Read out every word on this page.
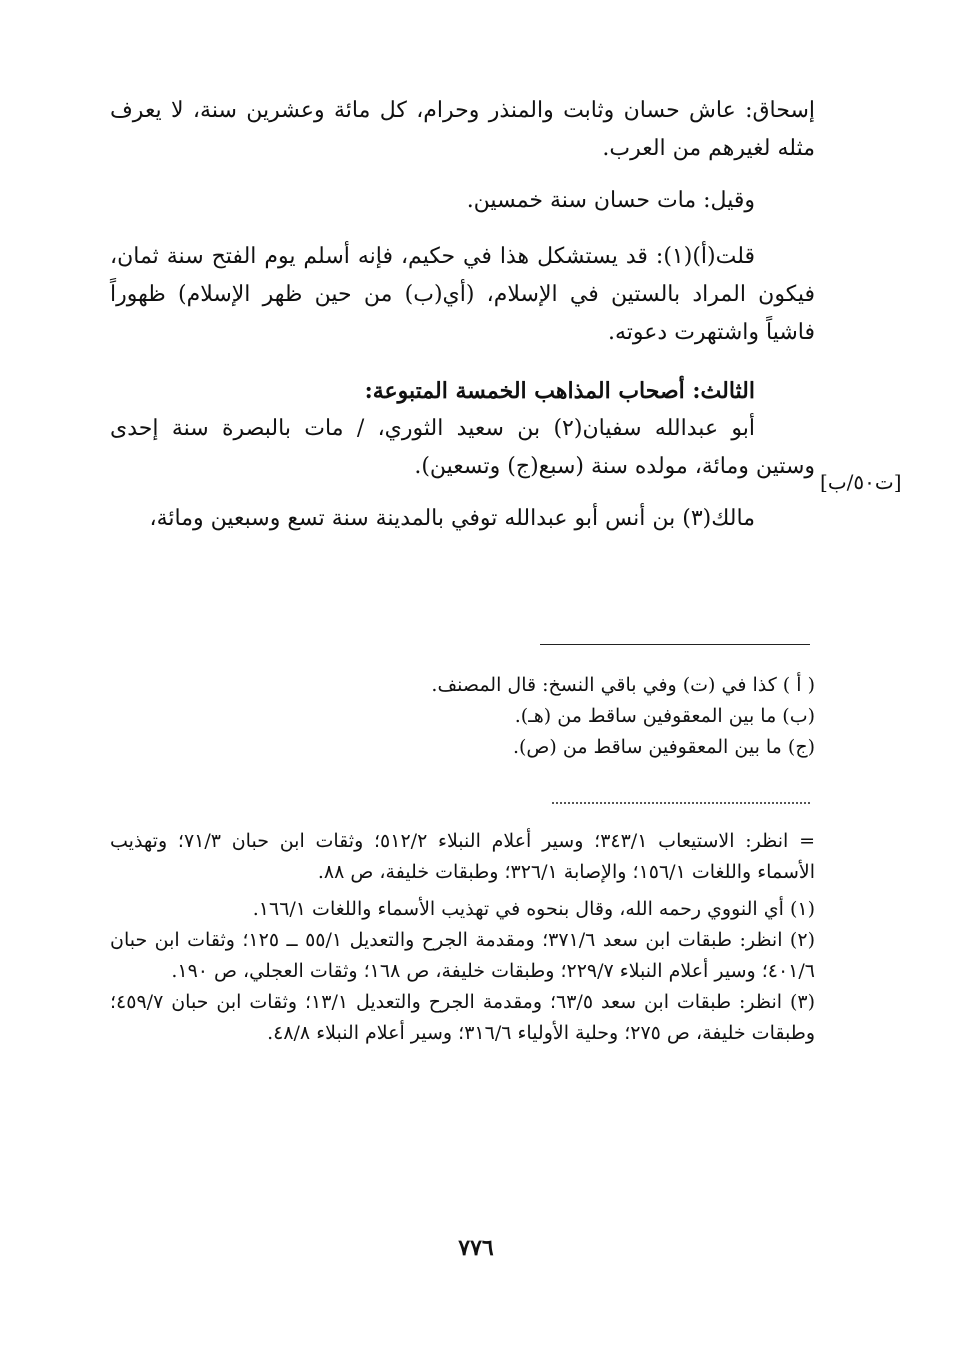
إسحاق: عاش حسان وثابت والمنذر وحرام، كل مائة وعشرين سنة، لا يعرف مثله لغيرهم من العرب.

وقيل: مات حسان سنة خمسين.

قلت(أ)(١): قد يستشكل هذا في حكيم، فإنه أسلم يوم الفتح سنة ثمان، فيكون المراد بالستين في الإسلام، (أي(ب) من حين ظهر الإسلام) ظهوراً فاشياً واشتهرت دعوته.

الثالث: أصحاب المذاهب الخمسة المتبوعة:

أبو عبدالله سفيان(٢) بن سعيد الثوري، / مات بالبصرة سنة إحدى وستين ومائة، مولده سنة (سبع(ج) وتسعين).

مالك(٣) بن أنس أبو عبدالله توفي بالمدينة سنة تسع وسبعين ومائة،

[ت٥٠/ب]

( أ ) كذا في (ت) وفي باقي النسخ: قال المصنف.

(ب) ما بين المعقوفين ساقط من (هـ).

(ج) ما بين المعقوفين ساقط من (ص).

= انظر: الاستيعاب ٣٤٣/١؛ وسير أعلام النبلاء ٥١٢/٢؛ وثقات ابن حبان ٧١/٣؛ وتهذيب الأسماء واللغات ١٥٦/١؛ والإصابة ٣٢٦/١؛ وطبقات خليفة، ص ٨٨.

(١) أي النووي رحمه الله، وقال بنحوه في تهذيب الأسماء واللغات ١٦٦/١.

(٢) انظر: طبقات ابن سعد ٣٧١/٦؛ ومقدمة الجرح والتعديل ٥٥/١ ــ ١٢٥؛ وثقات ابن حبان ٤٠١/٦؛ وسير أعلام النبلاء ٢٢٩/٧؛ وطبقات خليفة، ص ١٦٨؛ وثقات العجلي، ص ١٩٠.

(٣) انظر: طبقات ابن سعد ٦٣/٥؛ ومقدمة الجرح والتعديل ١٣/١؛ وثقات ابن حبان ٤٥٩/٧؛ وطبقات خليفة، ص ٢٧٥؛ وحلية الأولياء ٣١٦/٦؛ وسير أعلام النبلاء ٤٨/٨.

٧٧٦
